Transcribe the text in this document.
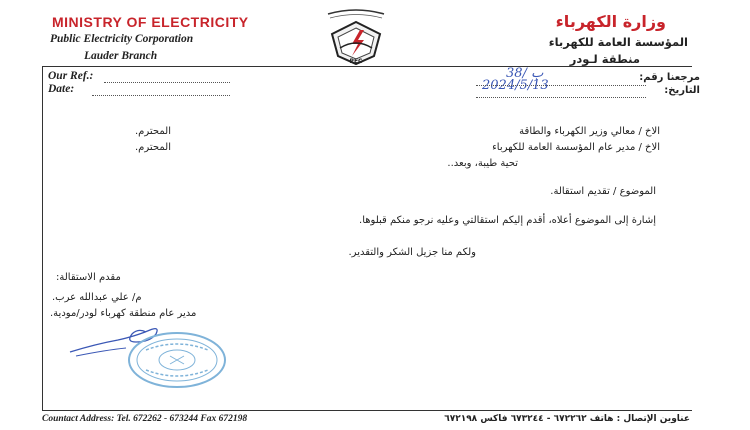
MINISTRY OF ELECTRICITY
Public Electricity Corporation
Lauder Branch	PEC
وزارة الكهرباء
المؤسسة العامة للكهرباء
منطقة لـودر
Our Ref.:
Date:
مرجعنا رقم:
التاريخ:
38/ ب
2024/5/13
الاخ / معالي وزير الكهرباء والطاقة
المحترم.
الاخ / مدير عام المؤسسة العامة للكهرباء
المحترم.
تحية طيبة، وبعد..
الموضوع / تقديم استقالة.
إشارة إلى الموضوع أعلاه، أقدم إليكم استقالتي وعليه نرجو منكم قبلوها.
ولكم منا جزيل الشكر والتقدير.
مقدم الاستقالة:
م/ علي عبدالله عرب.
مدير عام منطقة كهرباء لودر/مودية.
Countact Address: Tel. 672262 - 673244 Fax 672198	عناوين الإتصال : هاتف ٦٧٢٢٦٢ - ٦٧٣٢٤٤ فاكس ٦٧٢١٩٨
